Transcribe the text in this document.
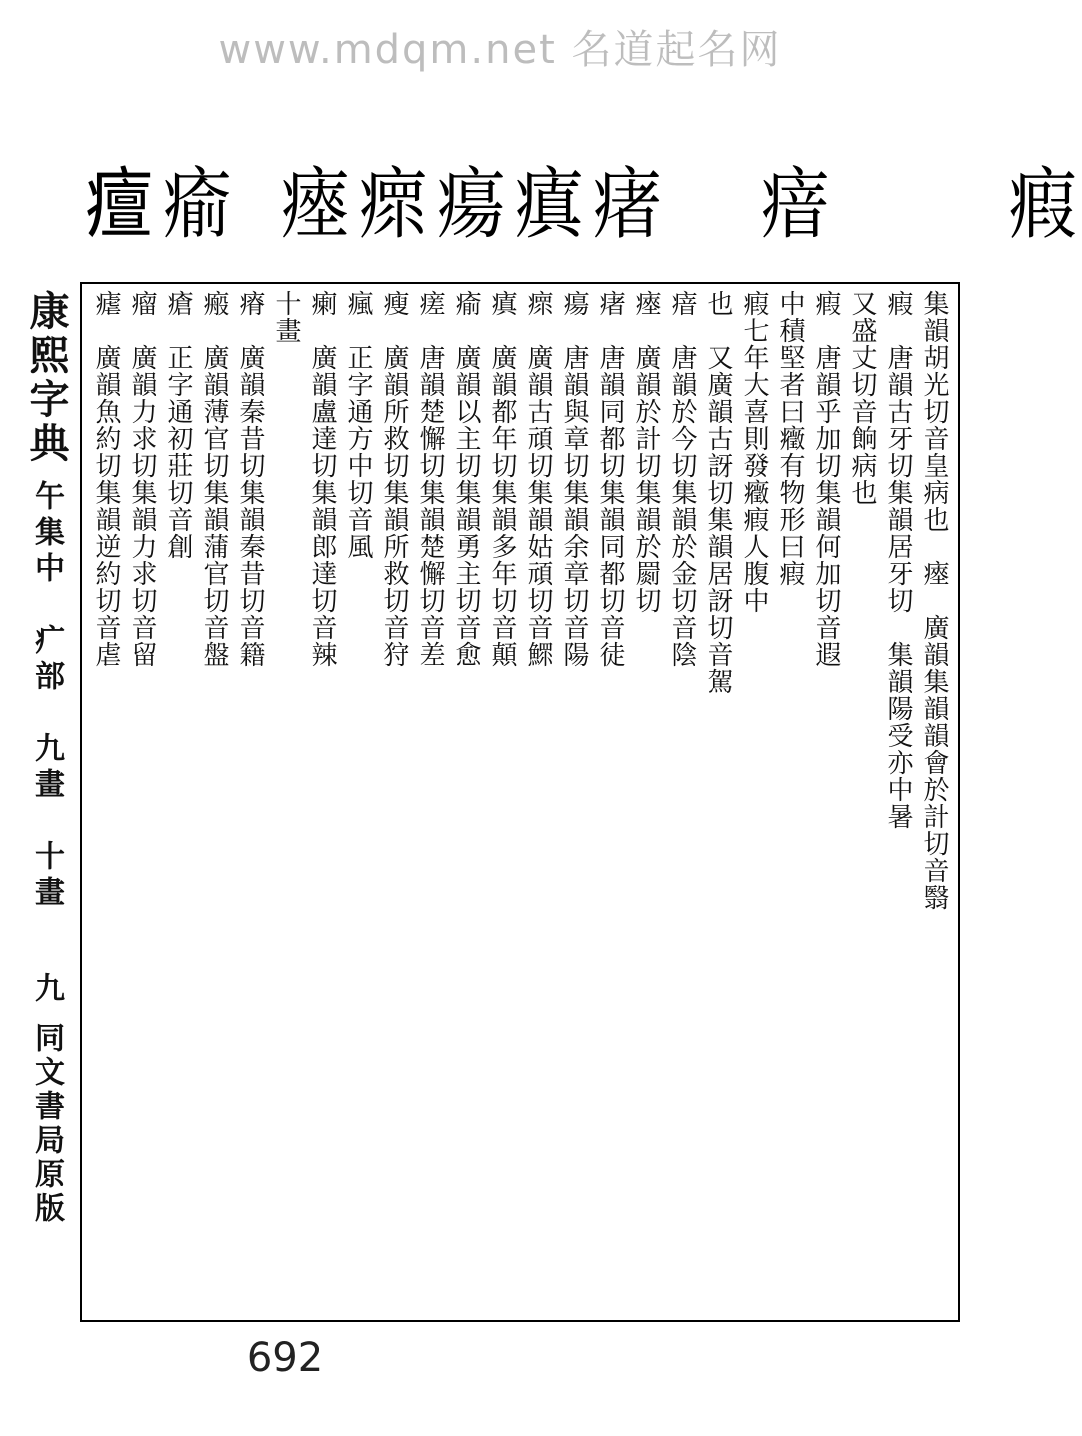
www.mdqm.net 名道起名网
𤺺 瘉 瘞 瘝 瘍 瘨 瘏 瘖 瘕
康熙字典
午集中　疒部　九畫　十畫
九
同文書局原版
集韻胡光切音皇病也　瘞　廣韻集韻韻會於計切音翳
瘕　唐韻古牙切集韻居牙切　集韻陽受亦中暑
又盛丈切音餉病也
瘕　唐韻乎加切集韻何加切音遐
中積堅者曰癥有物形曰瘕
瘕七年大喜則發癥瘕人腹中
也　又廣韻古訝切集韻居訝切音駕
瘖　唐韻於今切集韻於金切音陰
瘞　廣韻於計切集韻於罽切
瘏　唐韻同都切集韻同都切音徒
瘍　唐韻與章切集韻余章切音陽
瘝　廣韻古頑切集韻姑頑切音鰥
瘨　廣韻都年切集韻多年切音顛
瘉　廣韻以主切集韻勇主切音愈
瘥　唐韻楚懈切集韻楚懈切音差
瘦　廣韻所救切集韻所救切音狩
瘋　正字通方中切音風
瘌　廣韻盧達切集韻郎達切音辣
十畫
瘠　廣韻秦昔切集韻秦昔切音籍
瘢　廣韻薄官切集韻蒲官切音盤
瘡　正字通初莊切音創
瘤　廣韻力求切集韻力求切音留
瘧　廣韻魚約切集韻逆約切音虐
692
